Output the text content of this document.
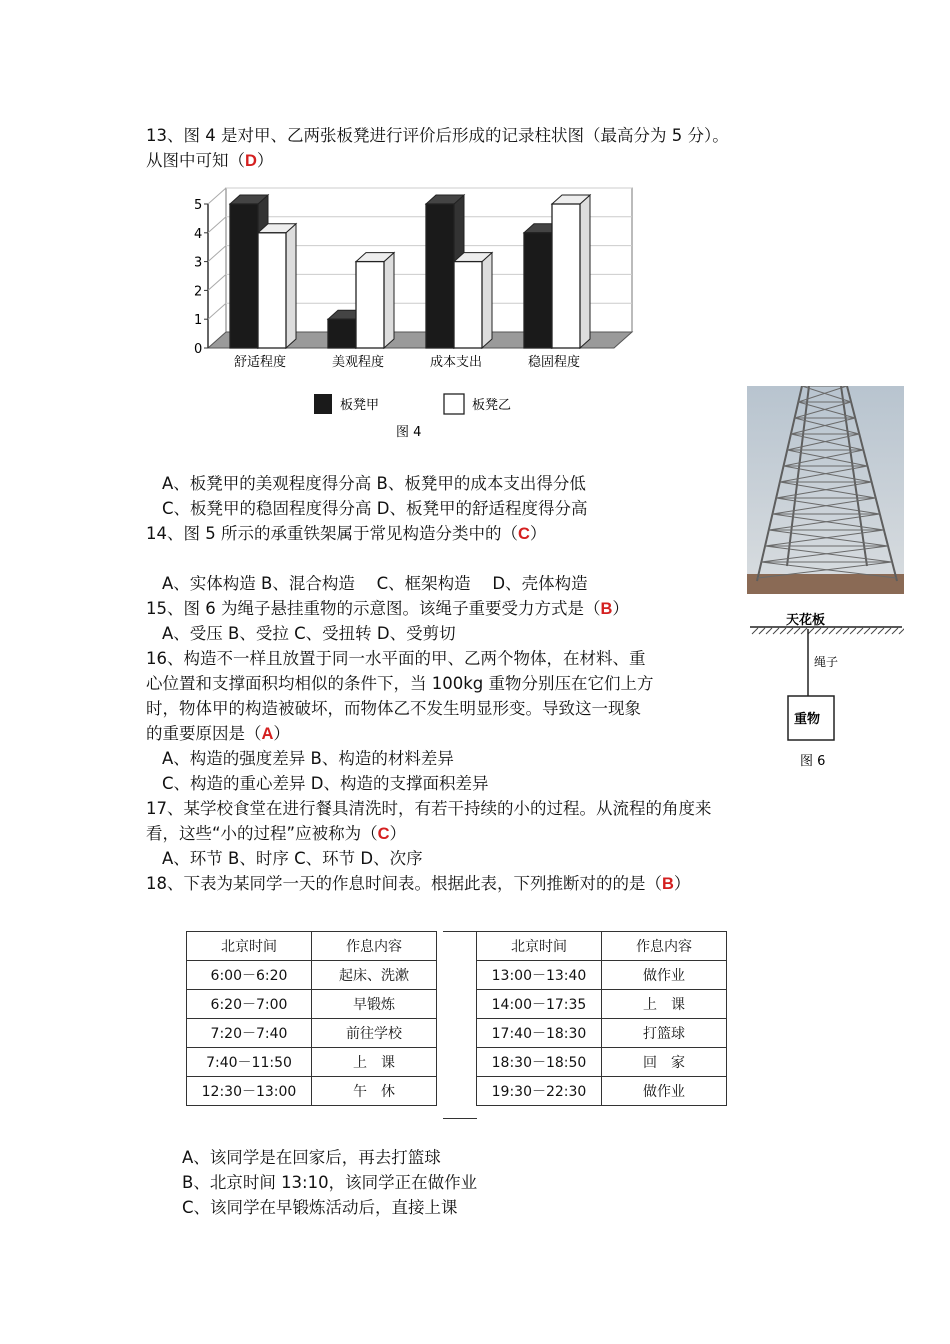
13、图 4 是对甲、乙两张板凳进行评价后形成的记录柱状图（最高分为 5 分）。
从图中可知（D）
0
1
2
3
4
5
舒适程度	美观程度	成本支出	稳固程度
板凳甲	板凳乙
图 4
A、板凳甲的美观程度得分高 B、板凳甲的成本支出得分低
C、板凳甲的稳固程度得分高 D、板凳甲的舒适程度得分高
14、图 5 所示的承重铁架属于常见构造分类中的（C）
A、实体构造 B、混合构造　 C、框架构造　 D、壳体构造
15、图 6 为绳子悬挂重物的示意图。该绳子重要受力方式是（B）
A、受压 B、受拉 C、受扭转 D、受剪切
天花板
绳子
重物
图 6
16、构造不一样且放置于同一水平面的甲、乙两个物体，在材料、重
心位置和支撑面积均相似的条件下，当 100kg 重物分别压在它们上方
时，物体甲的构造被破坏，而物体乙不发生明显形变。导致这一现象
的重要原因是（A）
A、构造的强度差异 B、构造的材料差异
C、构造的重心差异 D、构造的支撑面积差异
17、某学校食堂在进行餐具清洗时，有若干持续的小的过程。从流程的角度来
看，这些“小的过程”应被称为（C）
A、环节 B、时序 C、环节 D、次序
18、下表为某同学一天的作息时间表。根据此表，下列推断对的的是（B）
北京时间	作息内容
6:00－6:20	起床、洗漱
6:20－7:00	早锻炼
7:20－7:40	前往学校
7:40－11:50	上　课
12:30－13:00	午　休
北京时间	作息内容
13:00－13:40	做作业
14:00－17:35	上　课
17:40－18:30	打篮球
18:30－18:50	回　家
19:30－22:30	做作业
A、该同学是在回家后，再去打篮球
B、北京时间 13:10，该同学正在做作业
C、该同学在早锻炼活动后，直接上课
